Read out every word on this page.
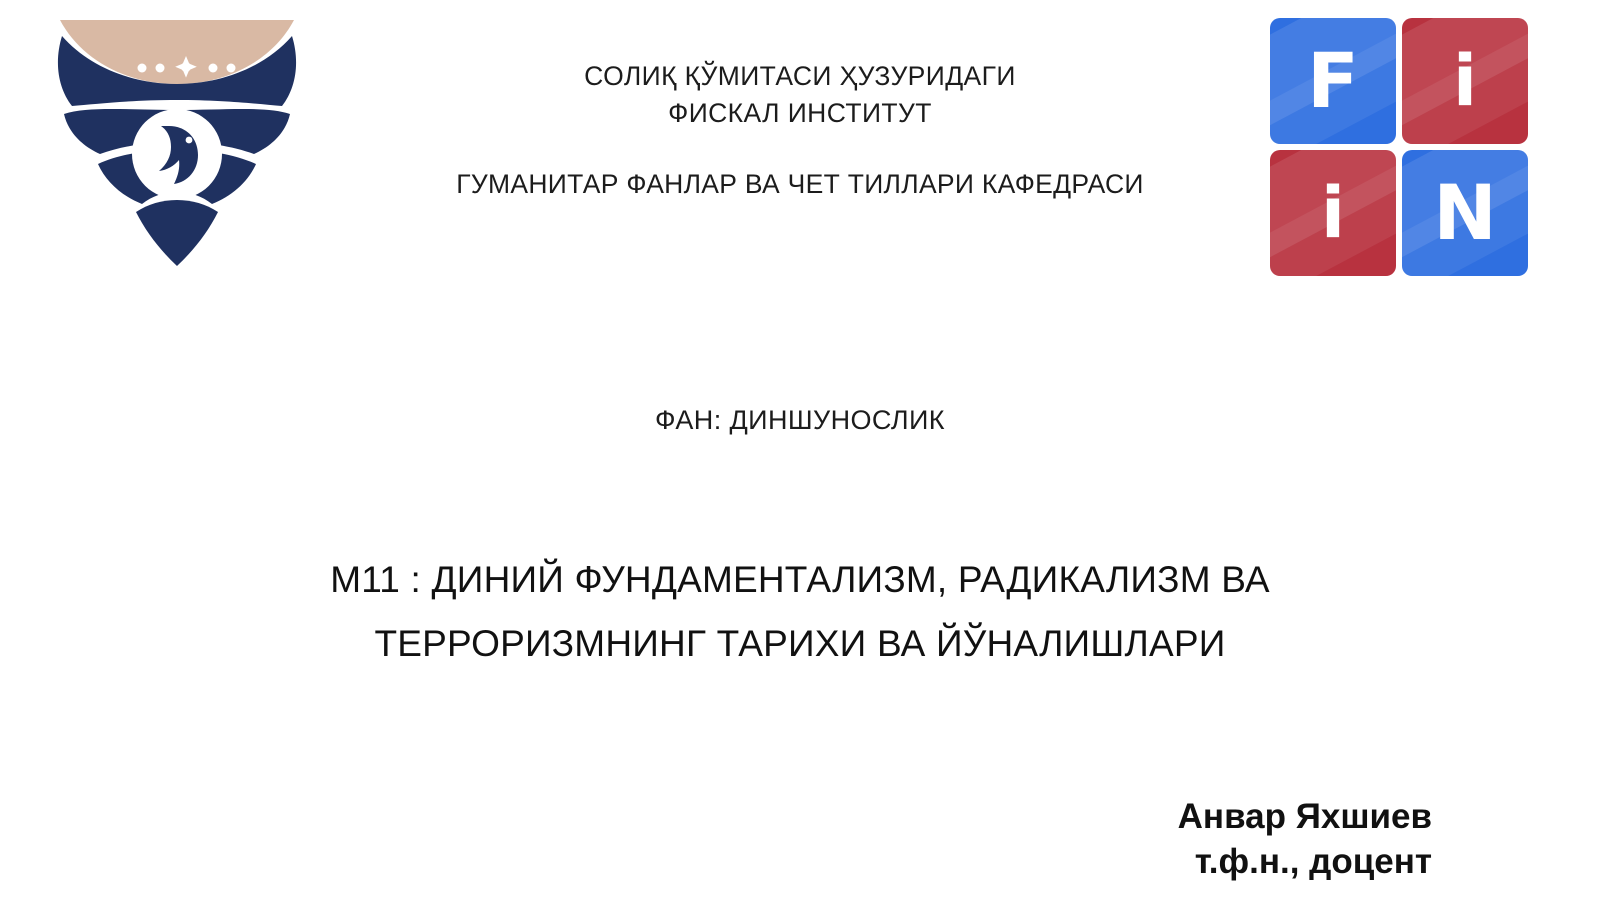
F i
i N
СОЛИҚ ҚЎМИТАСИ ҲУЗУРИДАГИ
ФИСКАЛ ИНСТИТУТ
ГУМАНИТАР ФАНЛАР ВА ЧЕТ ТИЛЛАРИ КАФЕДРАСИ
ФАН: ДИНШУНОСЛИК
M11 : ДИНИЙ ФУНДАМЕНТАЛИЗМ, РАДИКАЛИЗМ ВА
ТЕРРОРИЗМНИНГ ТАРИХИ ВА ЙЎНАЛИШЛАРИ
Анвар Яхшиев
т.ф.н., доцент
